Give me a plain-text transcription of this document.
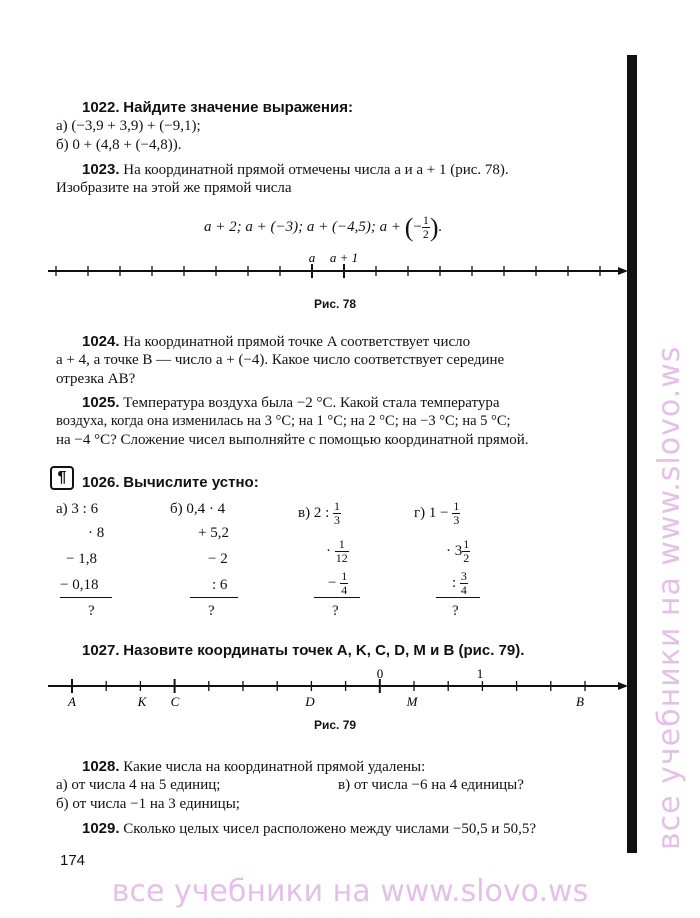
1022. Найдите значение выражения:
а) (−3,9 + 3,9) + (−9,1);
б) 0 + (4,8 + (−4,8)).
1023. На координатной прямой отмечены числа a и a + 1 (рис. 78).
Изобразите на этой же прямой числа
a + 2; a + (−3); a + (−4,5); a + (− $\frac{1}{2}$ ).
a a + 1
Рис. 78
1024. На координатной прямой точке A соответствует число
a + 4, а точке B — число a + (−4). Какое число соответствует середине
отрезка AB?
1025. Температура воздуха была −2 °C. Какой стала температура
воздуха, когда она изменилась на 3 °C; на 1 °C; на 2 °C; на −3 °C; на 5 °C;
на −4 °C? Сложение чисел выполняйте с помощью координатной прямой.
¶	1026. Вычислите устно:
а) 3 : 6
· 8
− 1,8
− 0,18
?
б) 0,4 · 4
+ 5,2
− 2
: 6
?
в) 2 : $\frac{1}{3}$
· $\frac{1}{12}$
− $\frac{1}{4}$
?
г) $1 - \frac{1}{3}$
· $3 \frac{1}{2}$
: $\frac{3}{4}$
?
1027. Назовите координаты точек A, K, C, D, M и B (рис. 79).
0	1
A	K C	D	M	B
Рис. 79
1028. Какие числа на координатной прямой удалены:
а) от числа 4 на 5 единиц;	в) от числа −6 на 4 единицы?
б) от числа −1 на 3 единицы;
1029. Сколько целых чисел расположено между числами −50,5 и 50,5?
174
все учебники на www.slovo.ws
все учебники на www.slovo.ws
